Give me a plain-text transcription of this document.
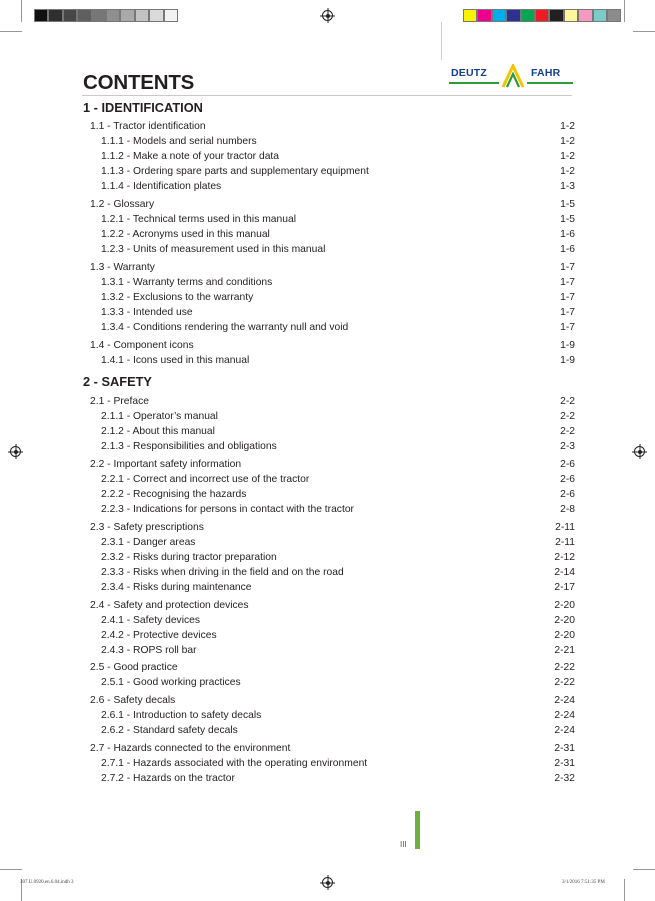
CONTENTS	DEUTZ	FAHR
1 - IDENTIFICATION
2 - SAFETY
1.1 - Tractor identification	1-2
1.1.1 - Models and serial numbers	1-2
1.1.2 - Make a note of your tractor data	1-2
1.1.3 - Ordering spare parts and supplementary equipment	1-2
1.1.4 - Identification plates	1-3
1.2 - Glossary	1-5
1.2.1 - Technical terms used in this manual	1-5
1.2.2 - Acronyms used in this manual	1-6
1.2.3 - Units of measurement used in this manual	1-6
1.3 - Warranty	1-7
1.3.1 - Warranty terms and conditions	1-7
1.3.2 - Exclusions to the warranty	1-7
1.3.3 - Intended use	1-7
1.3.4 - Conditions rendering the warranty null and void	1-7
1.4 - Component icons	1-9
1.4.1 - Icons used in this manual	1-9
2.1 - Preface	2-2
2.1.1 - Operator’s manual	2-2
2.1.2 - About this manual	2-2
2.1.3 - Responsibilities and obligations	2-3
2.2 - Important safety information	2-6
2.2.1 - Correct and incorrect use of the tractor	2-6
2.2.2 - Recognising the hazards	2-6
2.2.3 - Indications for persons in contact with the tractor	2-8
2.3 - Safety prescriptions	2-11
2.3.1 - Danger areas	2-11
2.3.2 - Risks during tractor preparation	2-12
2.3.3 - Risks when driving in the field and on the road	2-14
2.3.4 - Risks during maintenance	2-17
2.4 - Safety and protection devices	2-20
2.4.1 - Safety devices	2-20
2.4.2 - Protective devices	2-20
2.4.3 - ROPS roll bar	2-21
2.5 - Good practice	2-22
2.5.1 - Good working practices	2-22
2.6 - Safety decals	2-24
2.6.1 - Introduction to safety decals	2-24
2.6.2 - Standard safety decals	2-24
2.7 - Hazards connected to the environment	2-31
2.7.1 - Hazards associated with the operating environment	2-31
2.7.2 - Hazards on the tractor	2-32
III
307.U.0920.en.6.04.indb 3	3/1/2016 7:51:35 PM
